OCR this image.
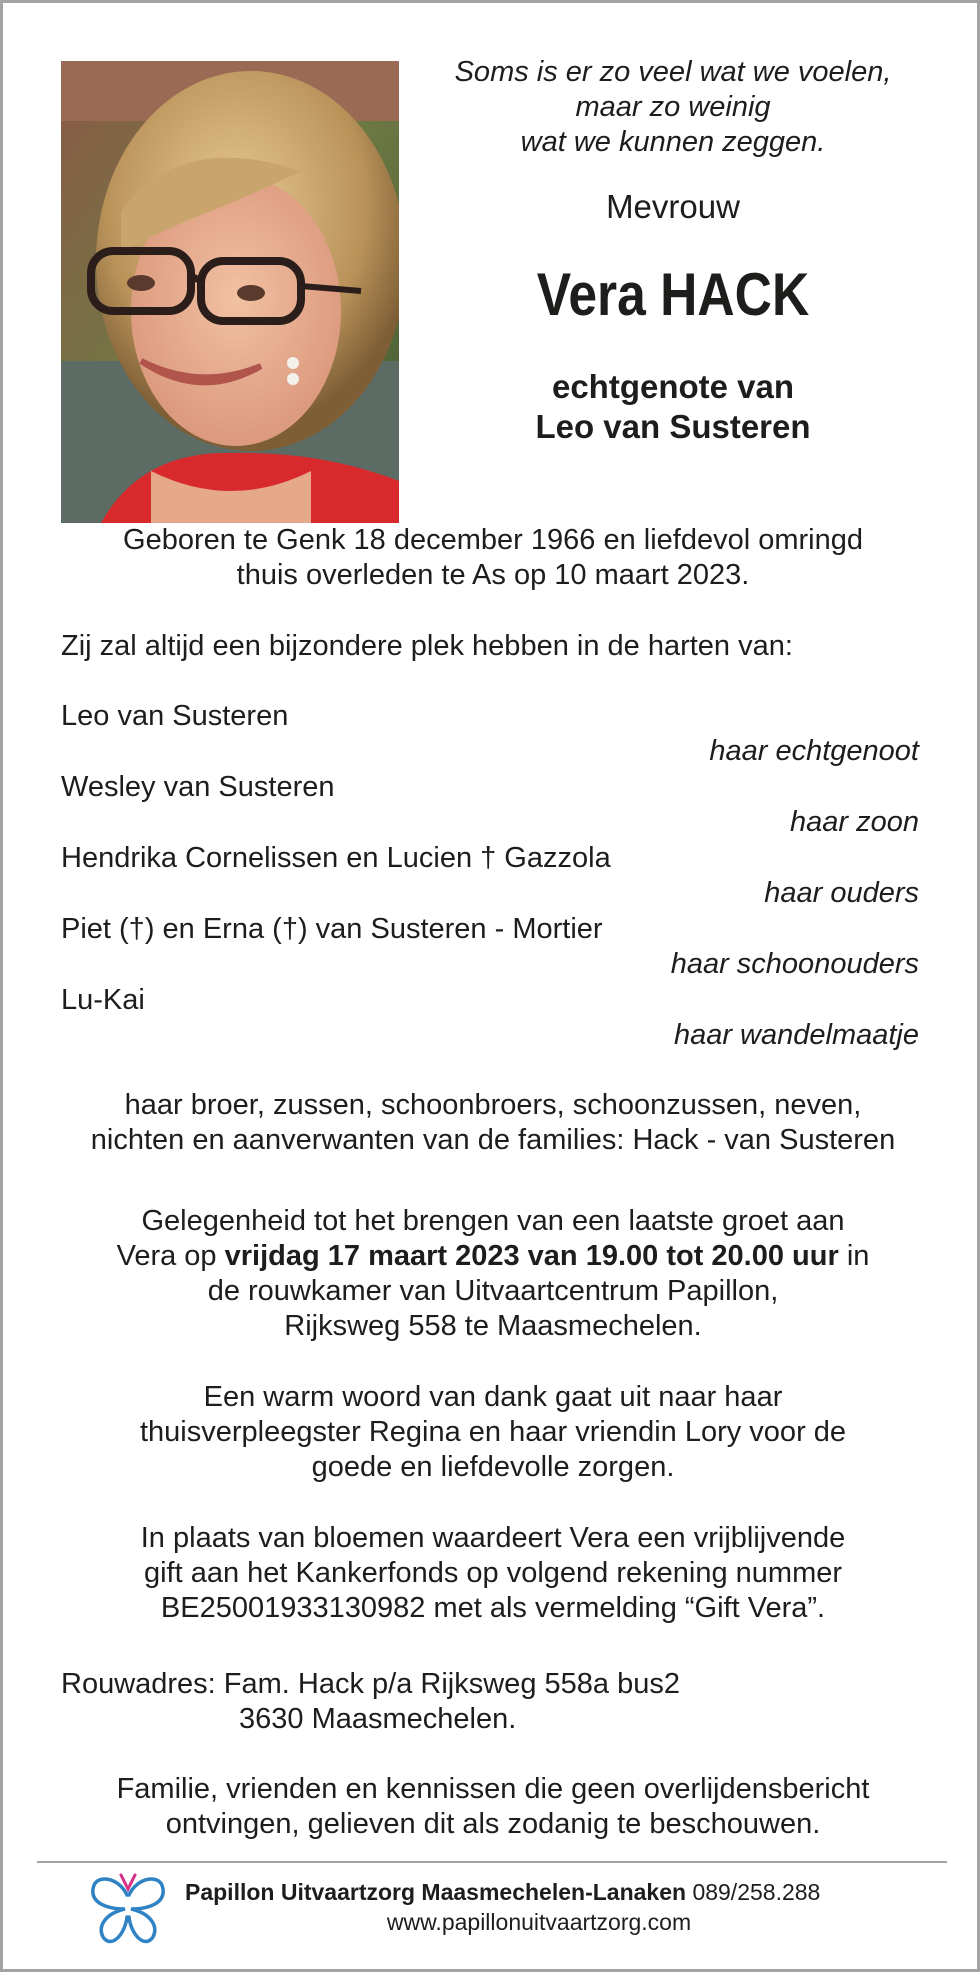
Soms is er zo veel wat we voelen,
maar zo weinig
wat we kunnen zeggen.
Mevrouw
Vera HACK
echtgenote van
Leo van Susteren
Geboren te Genk 18 december 1966 en liefdevol omringd
thuis overleden te As op 10 maart 2023.
Zij zal altijd een bijzondere plek hebben in de harten van:
Leo van Susteren
haar echtgenoot
Wesley van Susteren
haar zoon
Hendrika Cornelissen en Lucien † Gazzola
haar ouders
Piet (†) en Erna (†) van Susteren - Mortier
haar schoonouders
Lu-Kai
haar wandelmaatje
haar broer, zussen, schoonbroers, schoonzussen, neven,
nichten en aanverwanten van de families: Hack - van Susteren
Gelegenheid tot het brengen van een laatste groet aan
Vera op vrijdag 17 maart 2023 van 19.00 tot 20.00 uur in
de rouwkamer van Uitvaartcentrum Papillon,
Rijksweg 558 te Maasmechelen.
Een warm woord van dank gaat uit naar haar
thuisverpleegster Regina en haar vriendin Lory voor de
goede en liefdevolle zorgen.
In plaats van bloemen waardeert Vera een vrijblijvende
gift aan het Kankerfonds op volgend rekening nummer
BE25001933130982 met als vermelding “Gift Vera”.
Rouwadres: Fam. Hack p/a Rijksweg 558a bus2
3630 Maasmechelen.
Familie, vrienden en kennissen die geen overlijdensbericht
ontvingen, gelieven dit als zodanig te beschouwen.
Papillon Uitvaartzorg Maasmechelen-Lanaken 089/258.288
www.papillonuitvaartzorg.com
